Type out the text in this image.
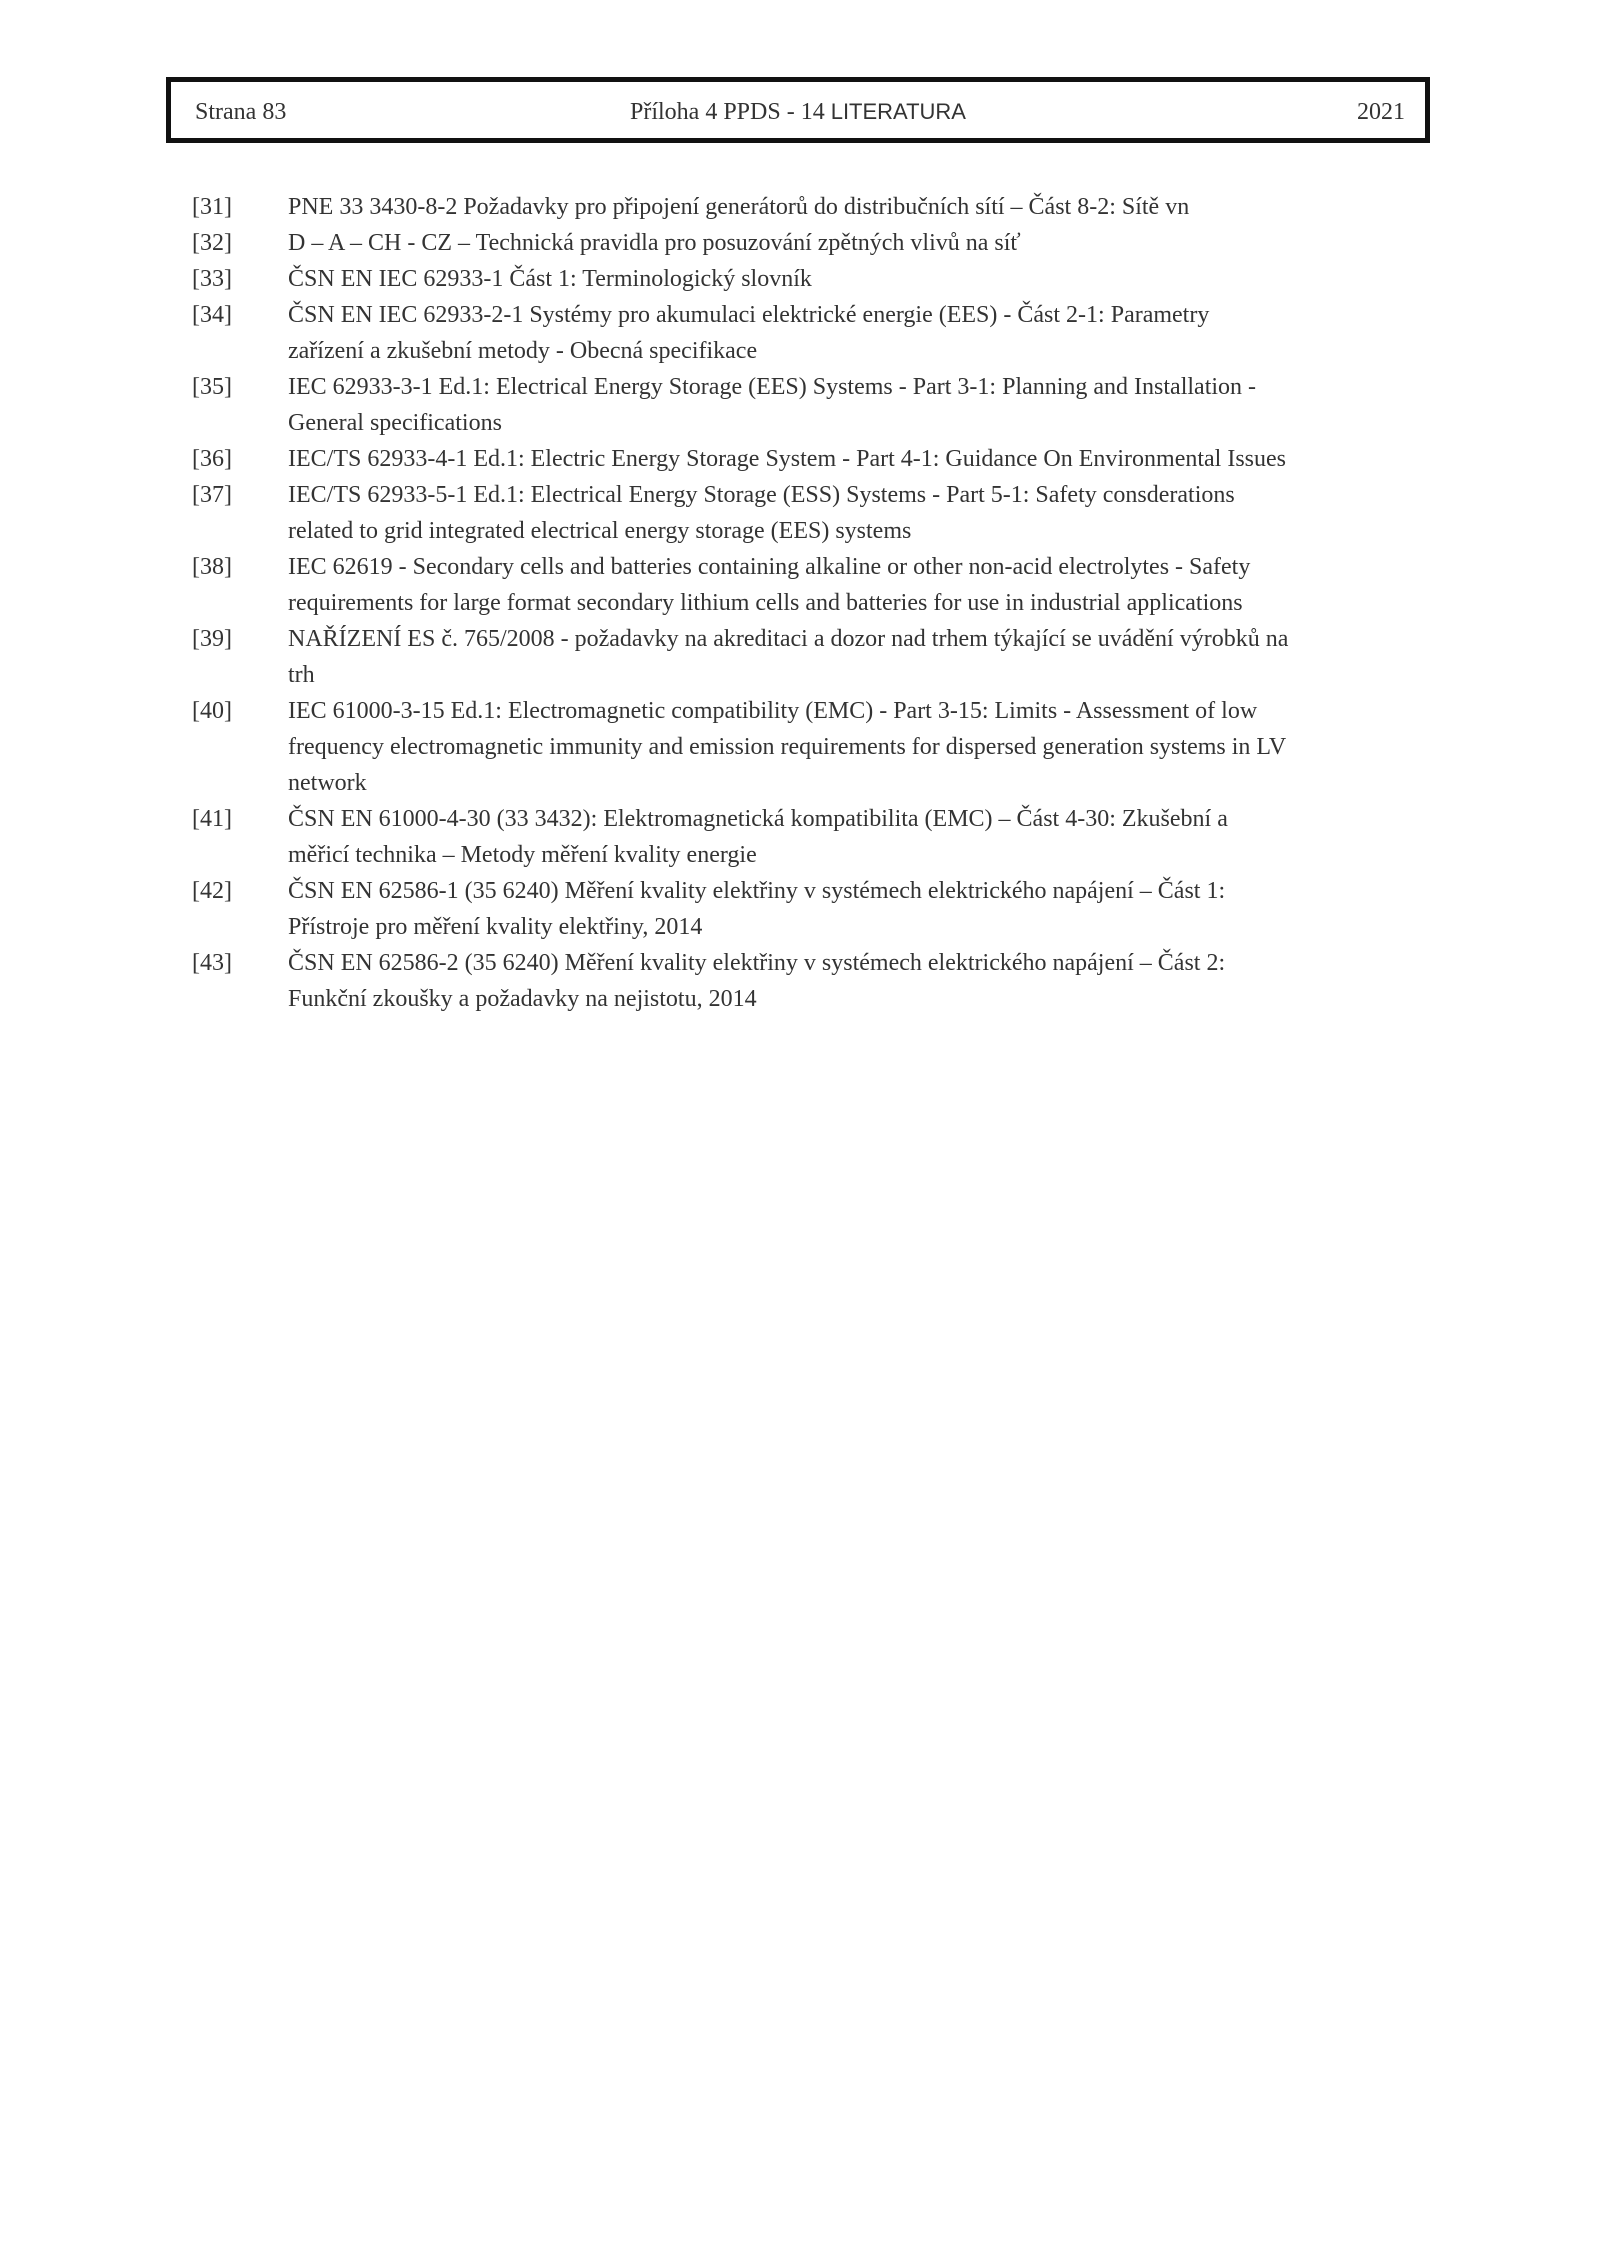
Strana 83	Příloha 4 PPDS - 14 LITERATURA	2021
[31]	PNE 33 3430-8-2 Požadavky pro připojení generátorů do distribučních sítí – Část 8-2: Sítě vn
[32]	D – A – CH - CZ – Technická pravidla pro posuzování zpětných vlivů na síť
[33]	ČSN EN IEC 62933-1 Část 1: Terminologický slovník
[34]	ČSN EN IEC 62933-2-1 Systémy pro akumulaci elektrické energie (EES) - Část 2-1: Parametry
zařízení a zkušební metody - Obecná specifikace
[35]	IEC 62933-3-1 Ed.1: Electrical Energy Storage (EES) Systems - Part 3-1: Planning and Installation -
General specifications
[36]	IEC/TS 62933-4-1 Ed.1: Electric Energy Storage System - Part 4-1: Guidance On Environmental Issues
[37]	IEC/TS 62933-5-1 Ed.1: Electrical Energy Storage (ESS) Systems - Part 5-1: Safety consderations
related to grid integrated electrical energy storage (EES) systems
[38]	IEC 62619 - Secondary cells and batteries containing alkaline or other non-acid electrolytes - Safety
requirements for large format secondary lithium cells and batteries for use in industrial applications
[39]	NAŘÍZENÍ ES č. 765/2008 - požadavky na akreditaci a dozor nad trhem týkající se uvádění výrobků na
trh
[40]	IEC 61000-3-15 Ed.1: Electromagnetic compatibility (EMC) - Part 3-15: Limits - Assessment of low
frequency electromagnetic immunity and emission requirements for dispersed generation systems in LV
network
[41]	ČSN EN 61000-4-30 (33 3432): Elektromagnetická kompatibilita (EMC) – Část 4-30: Zkušební a
měřicí technika – Metody měření kvality energie
[42]	ČSN EN 62586-1 (35 6240) Měření kvality elektřiny v systémech elektrického napájení – Část 1:
Přístroje pro měření kvality elektřiny, 2014
[43]	ČSN EN 62586-2 (35 6240) Měření kvality elektřiny v systémech elektrického napájení – Část 2:
Funkční zkoušky a požadavky na nejistotu, 2014
